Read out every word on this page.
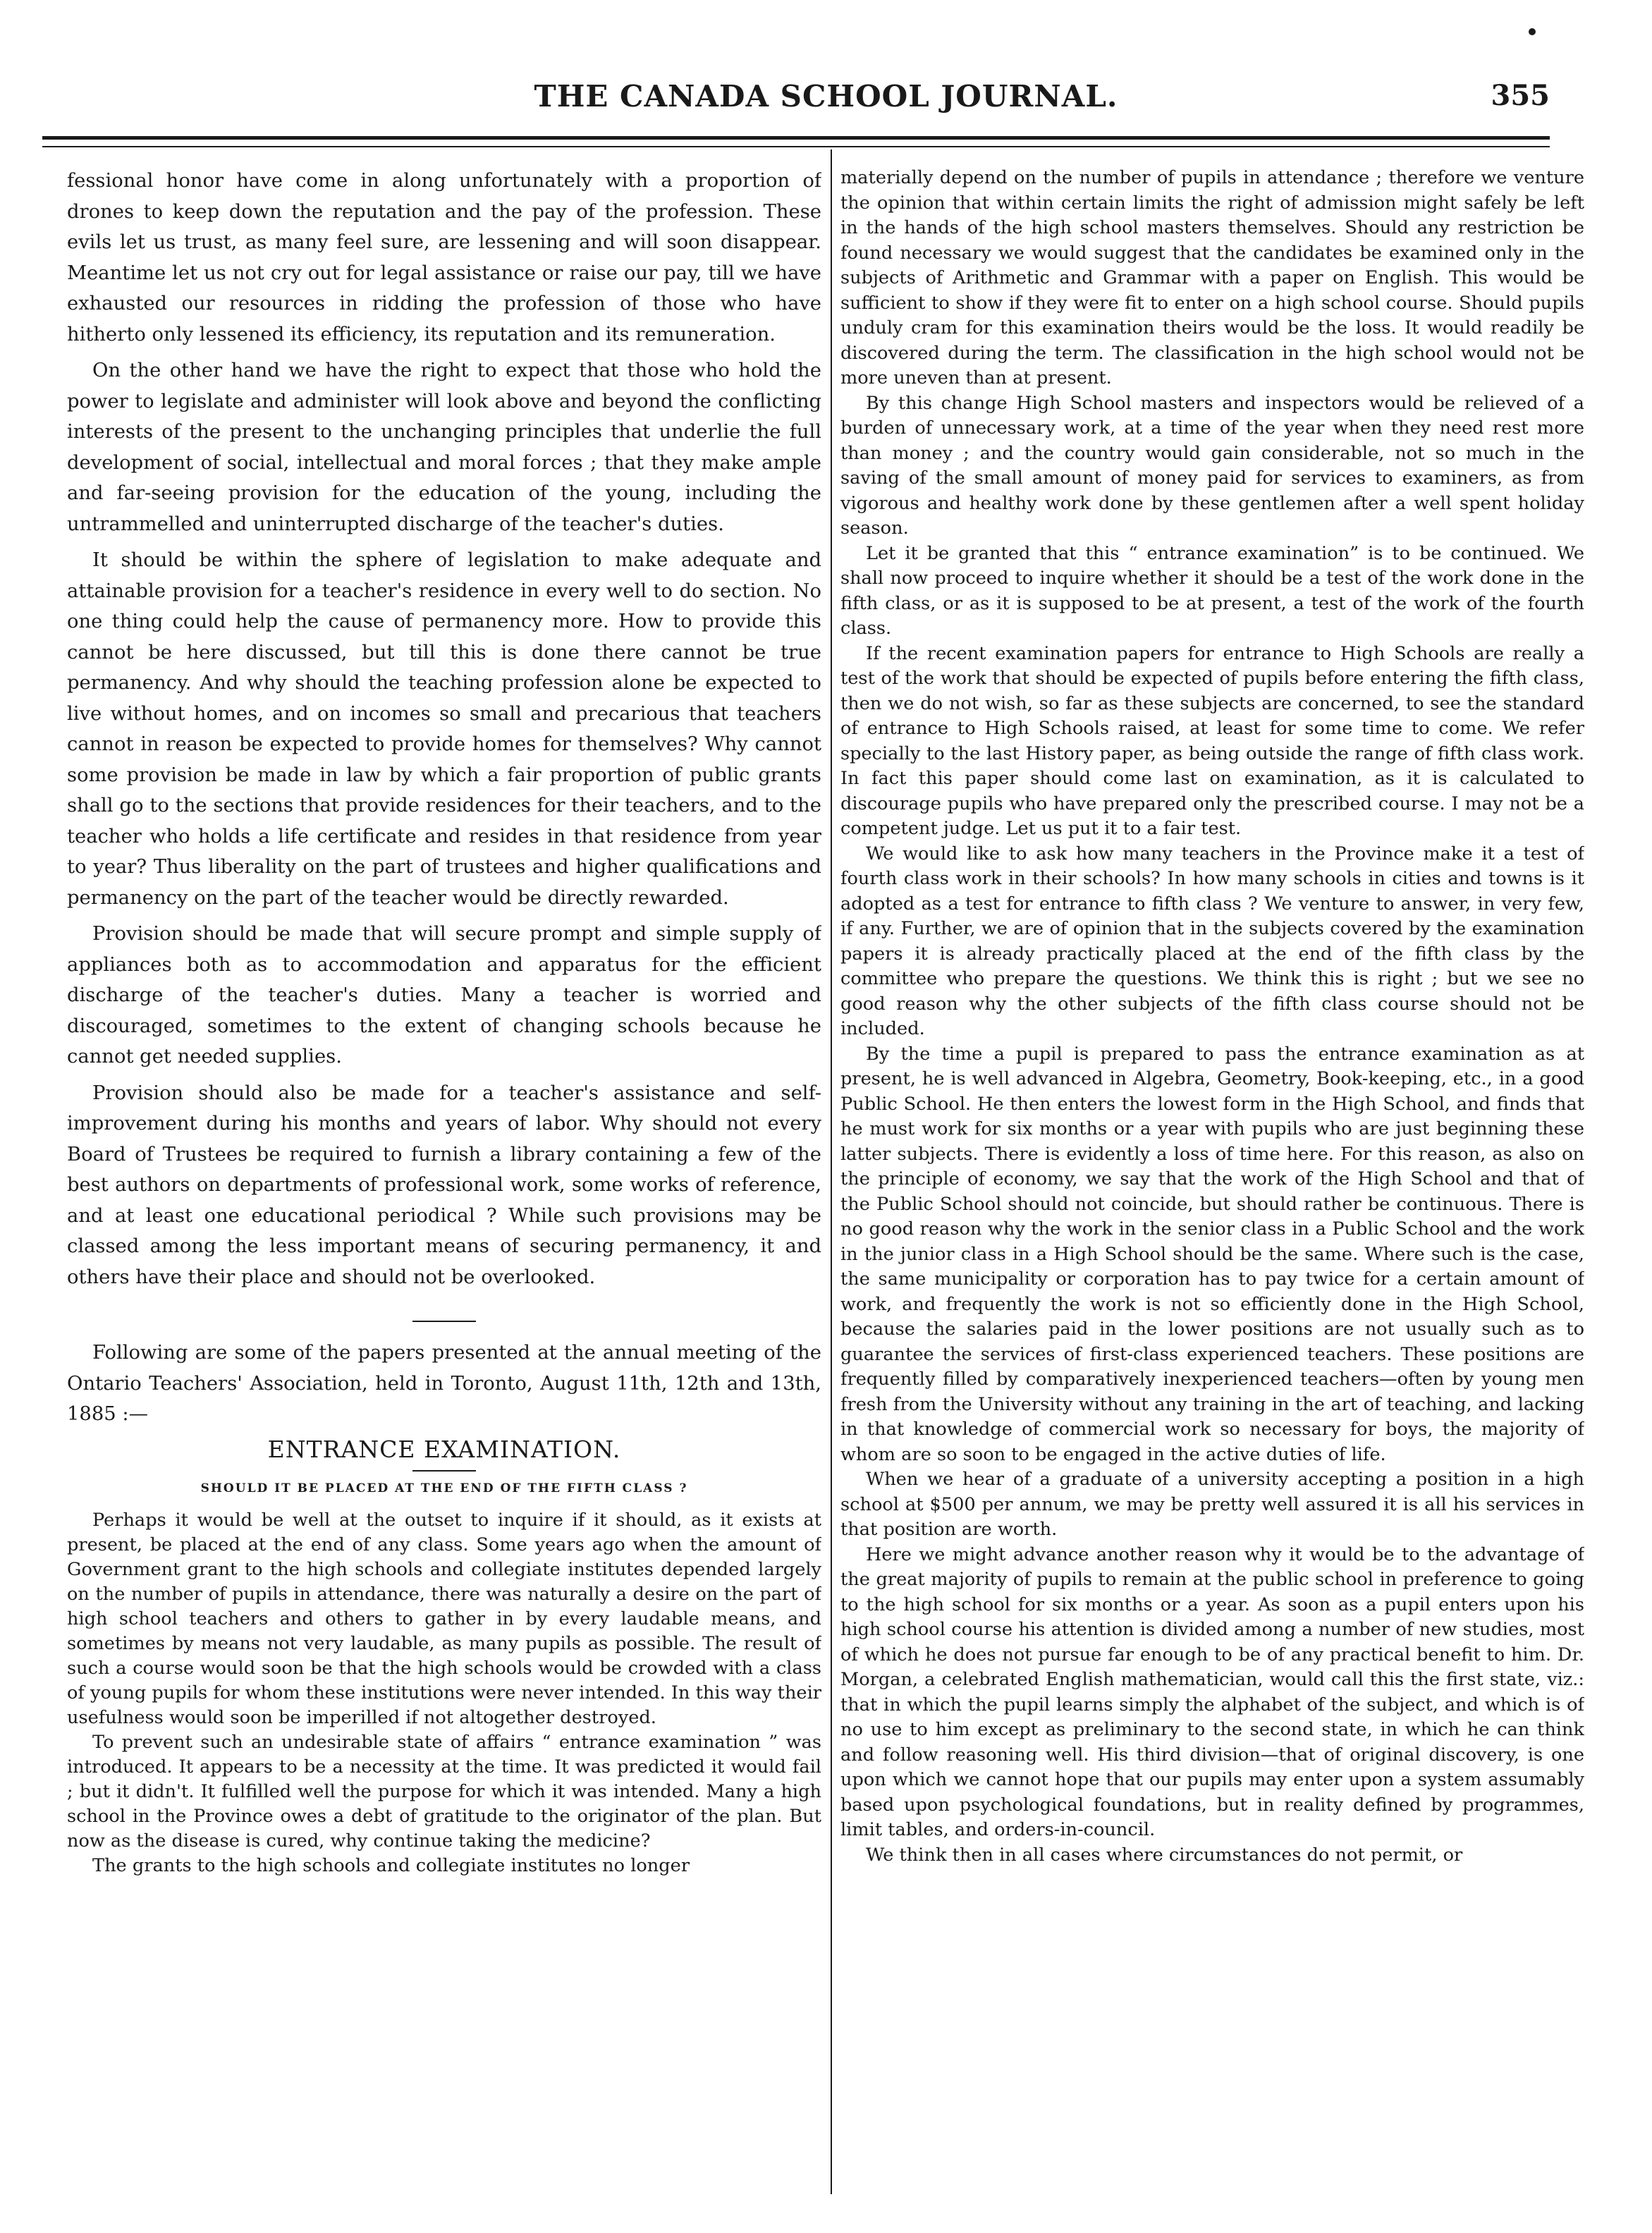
THE CANADA SCHOOL JOURNAL.	355

fessional honor have come in along unfortunately with a proportion of drones to keep down the reputation and the pay of the profession. These evils let us trust, as many feel sure, are lessening and will soon disappear. Meantime let us not cry out for legal assistance or raise our pay, till we have exhausted our resources in ridding the profession of those who have hitherto only lessened its efficiency, its reputation and its remuneration.

On the other hand we have the right to expect that those who hold the power to legislate and administer will look above and beyond the conflicting interests of the present to the unchanging principles that underlie the full development of social, intellectual and moral forces ; that they make ample and far-seeing provision for the education of the young, including the untrammelled and uninterrupted discharge of the teacher's duties.

It should be within the sphere of legislation to make adequate and attainable provision for a teacher's residence in every well to do section. No one thing could help the cause of permanency more. How to provide this cannot be here discussed, but till this is done there cannot be true permanency. And why should the teaching profession alone be expected to live without homes, and on incomes so small and precarious that teachers cannot in reason be expected to provide homes for themselves? Why cannot some provision be made in law by which a fair proportion of public grants shall go to the sections that provide residences for their teachers, and to the teacher who holds a life certificate and resides in that residence from year to year? Thus liberality on the part of trustees and higher qualifications and permanency on the part of the teacher would be directly rewarded.

Provision should be made that will secure prompt and simple supply of appliances both as to accommodation and apparatus for the efficient discharge of the teacher's duties. Many a teacher is worried and discouraged, sometimes to the extent of changing schools because he cannot get needed supplies.

Provision should also be made for a teacher's assistance and self-improvement during his months and years of labor. Why should not every Board of Trustees be required to furnish a library containing a few of the best authors on departments of professional work, some works of reference, and at least one educational periodical ? While such provisions may be classed among the less important means of securing permanency, it and others have their place and should not be overlooked.

Following are some of the papers presented at the annual meeting of the Ontario Teachers' Association, held in Toronto, August 11th, 12th and 13th, 1885 :—

ENTRANCE EXAMINATION.
SHOULD IT BE PLACED AT THE END OF THE FIFTH CLASS ?

Perhaps it would be well at the outset to inquire if it should, as it exists at present, be placed at the end of any class. Some years ago when the amount of Government grant to the high schools and collegiate institutes depended largely on the number of pupils in attendance, there was naturally a desire on the part of high school teachers and others to gather in by every laudable means, and sometimes by means not very laudable, as many pupils as possible. The result of such a course would soon be that the high schools would be crowded with a class of young pupils for whom these institutions were never intended. In this way their usefulness would soon be imperilled if not altogether destroyed.

To prevent such an undesirable state of affairs “ entrance examination ” was introduced. It appears to be a necessity at the time. It was predicted it would fail ; but it didn't. It fulfilled well the purpose for which it was intended. Many a high school in the Province owes a debt of gratitude to the originator of the plan. But now as the disease is cured, why continue taking the medicine?

The grants to the high schools and collegiate institutes no longer

materially depend on the number of pupils in attendance ; therefore we venture the opinion that within certain limits the right of admission might safely be left in the hands of the high school masters themselves. Should any restriction be found necessary we would suggest that the candidates be examined only in the subjects of Arithmetic and Grammar with a paper on English. This would be sufficient to show if they were fit to enter on a high school course. Should pupils unduly cram for this examination theirs would be the loss. It would readily be discovered during the term. The classification in the high school would not be more uneven than at present.

By this change High School masters and inspectors would be relieved of a burden of unnecessary work, at a time of the year when they need rest more than money ; and the country would gain considerable, not so much in the saving of the small amount of money paid for services to examiners, as from vigorous and healthy work done by these gentlemen after a well spent holiday season.

Let it be granted that this “ entrance examination” is to be continued. We shall now proceed to inquire whether it should be a test of the work done in the fifth class, or as it is supposed to be at present, a test of the work of the fourth class.

If the recent examination papers for entrance to High Schools are really a test of the work that should be expected of pupils before entering the fifth class, then we do not wish, so far as these subjects are concerned, to see the standard of entrance to High Schools raised, at least for some time to come. We refer specially to the last History paper, as being outside the range of fifth class work. In fact this paper should come last on examination, as it is calculated to discourage pupils who have prepared only the prescribed course. I may not be a competent judge. Let us put it to a fair test.

We would like to ask how many teachers in the Province make it a test of fourth class work in their schools? In how many schools in cities and towns is it adopted as a test for entrance to fifth class ? We venture to answer, in very few, if any. Further, we are of opinion that in the subjects covered by the examination papers it is already practically placed at the end of the fifth class by the committee who prepare the questions. We think this is right ; but we see no good reason why the other subjects of the fifth class course should not be included.

By the time a pupil is prepared to pass the entrance examination as at present, he is well advanced in Algebra, Geometry, Book-keeping, etc., in a good Public School. He then enters the lowest form in the High School, and finds that he must work for six months or a year with pupils who are just beginning these latter subjects. There is evidently a loss of time here. For this reason, as also on the principle of economy, we say that the work of the High School and that of the Public School should not coincide, but should rather be continuous. There is no good reason why the work in the senior class in a Public School and the work in the junior class in a High School should be the same. Where such is the case, the same municipality or corporation has to pay twice for a certain amount of work, and frequently the work is not so efficiently done in the High School, because the salaries paid in the lower positions are not usually such as to guarantee the services of first-class experienced teachers. These positions are frequently filled by comparatively inexperienced teachers—often by young men fresh from the University without any training in the art of teaching, and lacking in that knowledge of commercial work so necessary for boys, the majority of whom are so soon to be engaged in the active duties of life.

When we hear of a graduate of a university accepting a position in a high school at $500 per annum, we may be pretty well assured it is all his services in that position are worth.

Here we might advance another reason why it would be to the advantage of the great majority of pupils to remain at the public school in preference to going to the high school for six months or a year. As soon as a pupil enters upon his high school course his attention is divided among a number of new studies, most of which he does not pursue far enough to be of any practical benefit to him. Dr. Morgan, a celebrated English mathematician, would call this the first state, viz.: that in which the pupil learns simply the alphabet of the subject, and which is of no use to him except as preliminary to the second state, in which he can think and follow reasoning well. His third division—that of original discovery, is one upon which we cannot hope that our pupils may enter upon a system assumably based upon psychological foundations, but in reality defined by programmes, limit tables, and orders-in-council.

We think then in all cases where circumstances do not permit, or
